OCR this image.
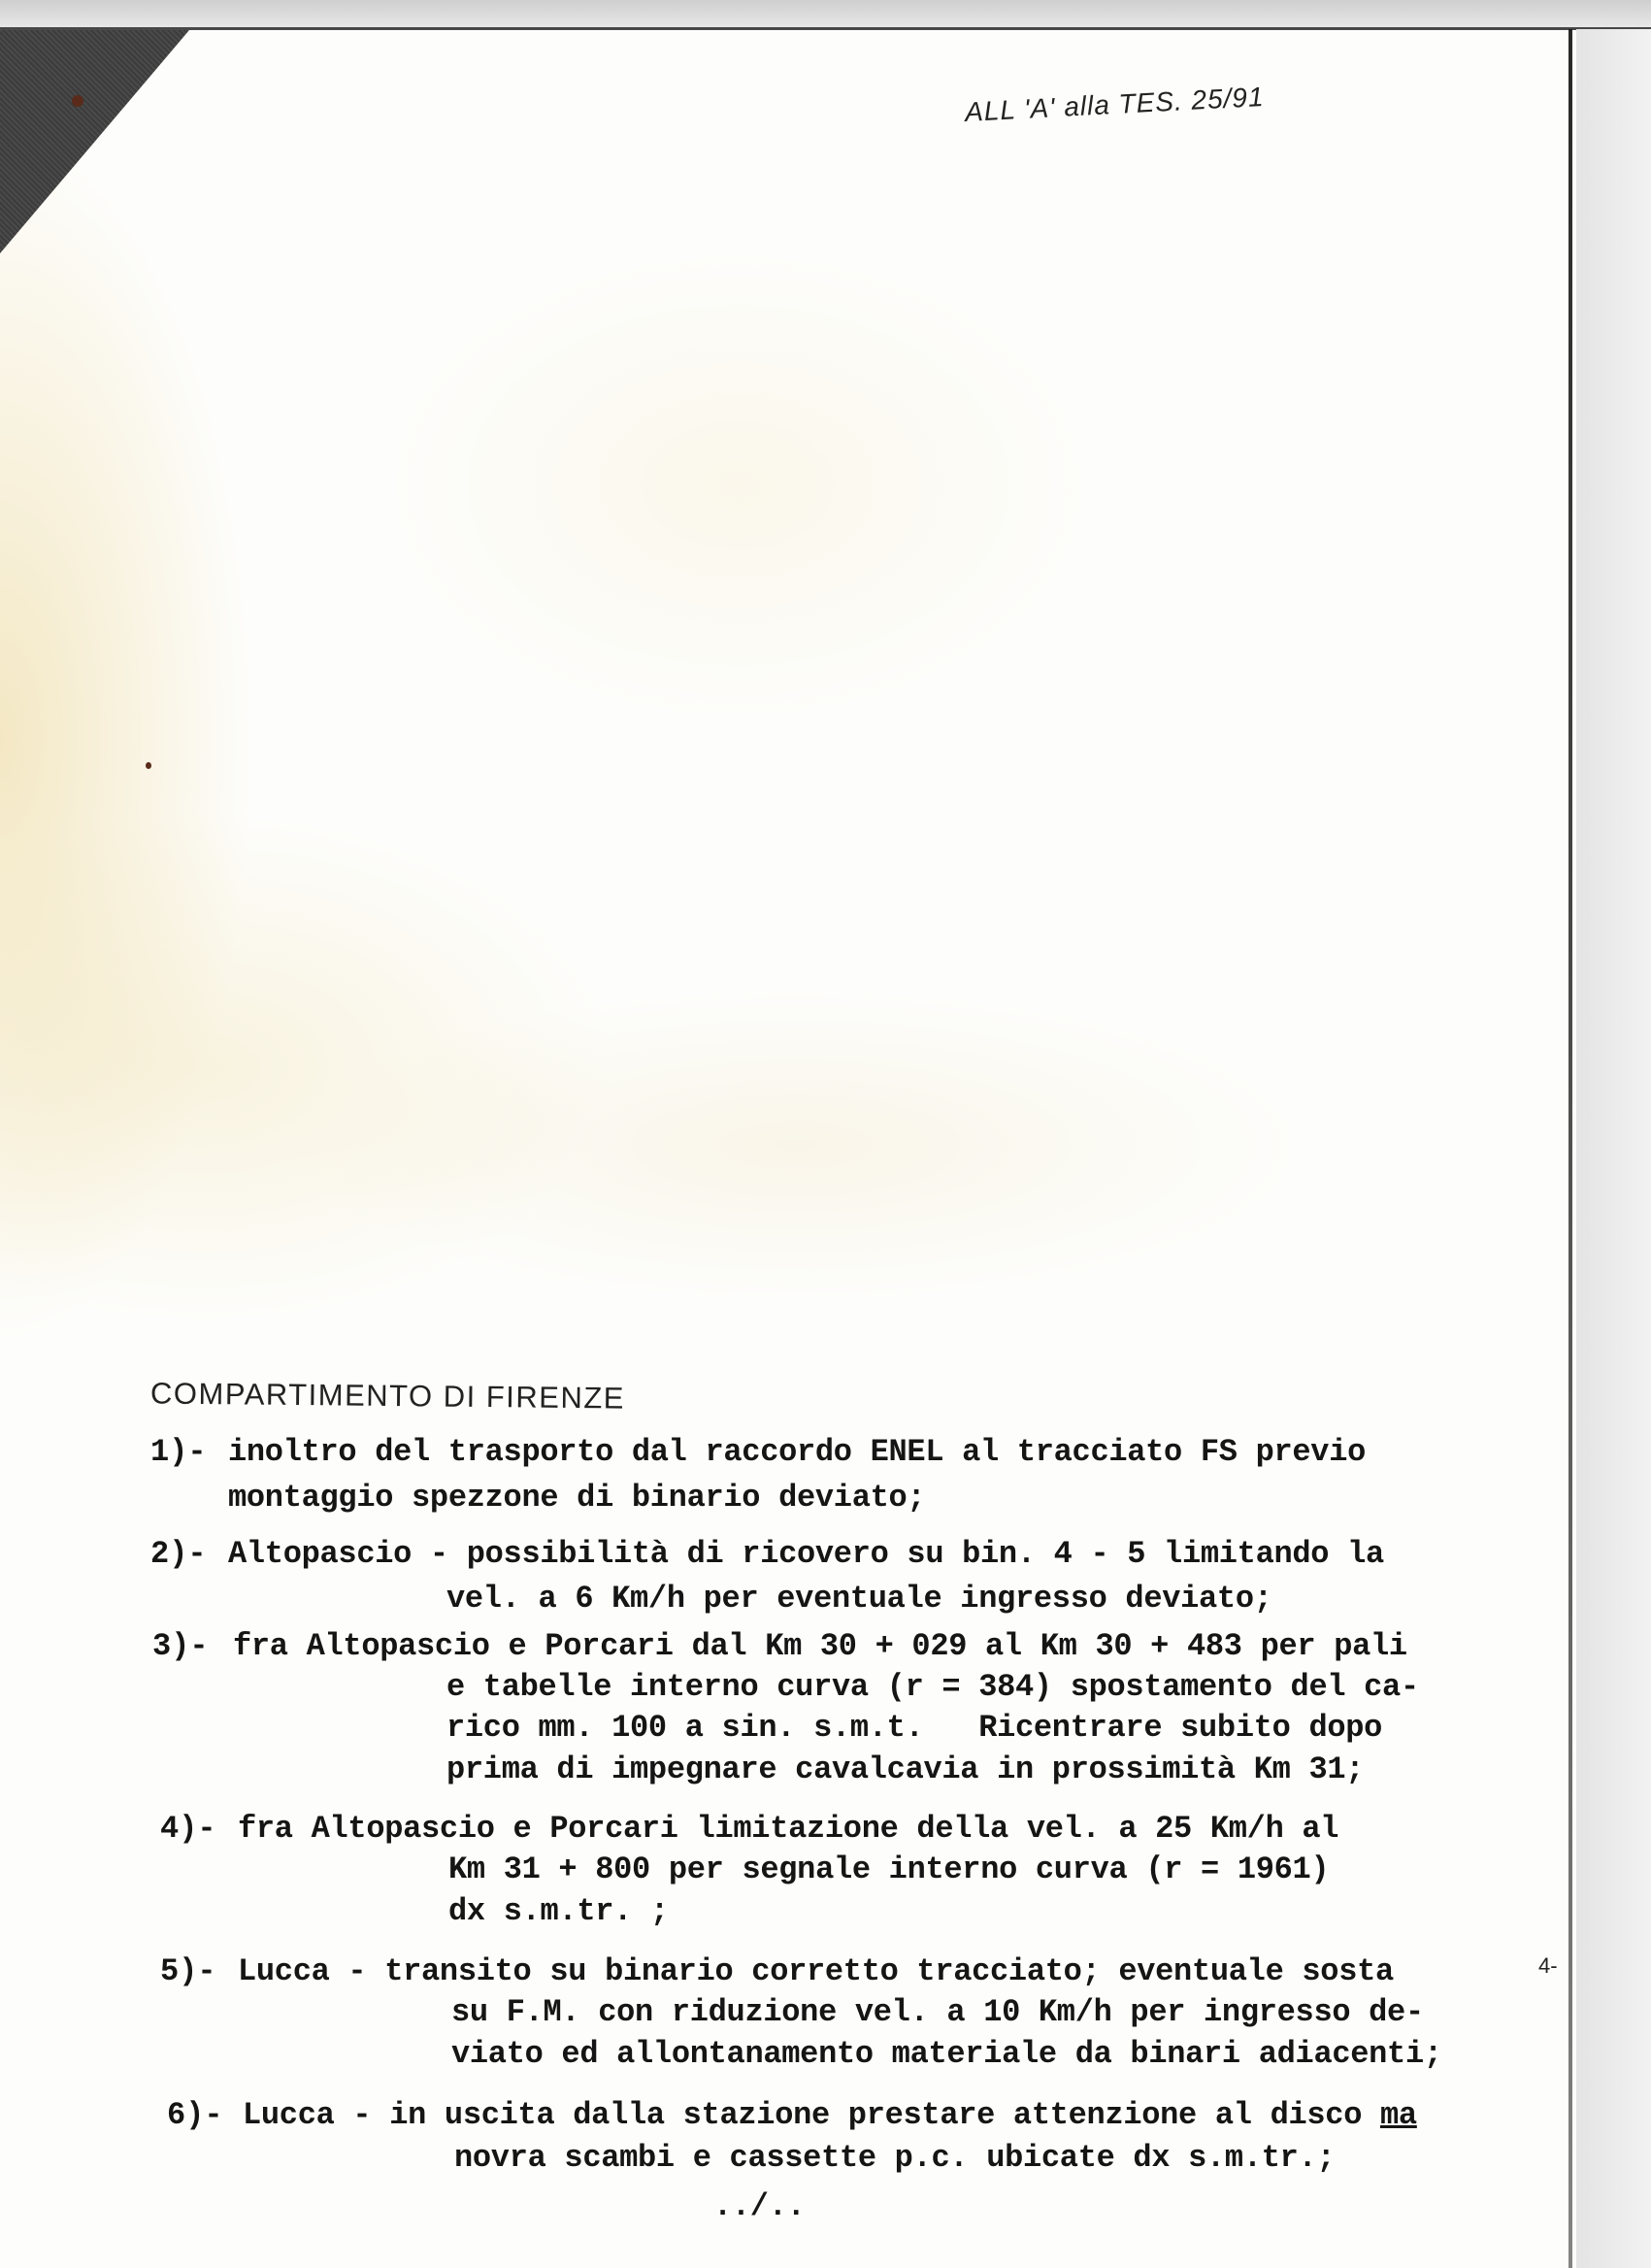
ALL 'A' alla TES. 25/91
COMPARTIMENTO DI FIRENZE
1)- inoltro del trasporto dal raccordo ENEL al tracciato FS previo
montaggio spezzone di binario deviato;
2)- Altopascio - possibilità di ricovero su bin. 4 - 5 limitando la
vel. a 6 Km/h per eventuale ingresso deviato;
3)- fra Altopascio e Porcari dal Km 30 + 029 al Km 30 + 483 per pali
e tabelle interno curva (r = 384) spostamento del ca-
rico mm. 100 a sin. s.m.t.   Ricentrare subito dopo
prima di impegnare cavalcavia in prossimità Km 31;
4)- fra Altopascio e Porcari limitazione della vel. a 25 Km/h al
Km 31 + 800 per segnale interno curva (r = 1961)
dx s.m.tr. ;
5)- Lucca - transito su binario corretto tracciato; eventuale sosta
su F.M. con riduzione vel. a 10 Km/h per ingresso de-
viato ed allontanamento materiale da binari adiacenti;
6)- Lucca - in uscita dalla stazione prestare attenzione al disco ma
novra scambi e cassette p.c. ubicate dx s.m.tr.;
../..
4-
